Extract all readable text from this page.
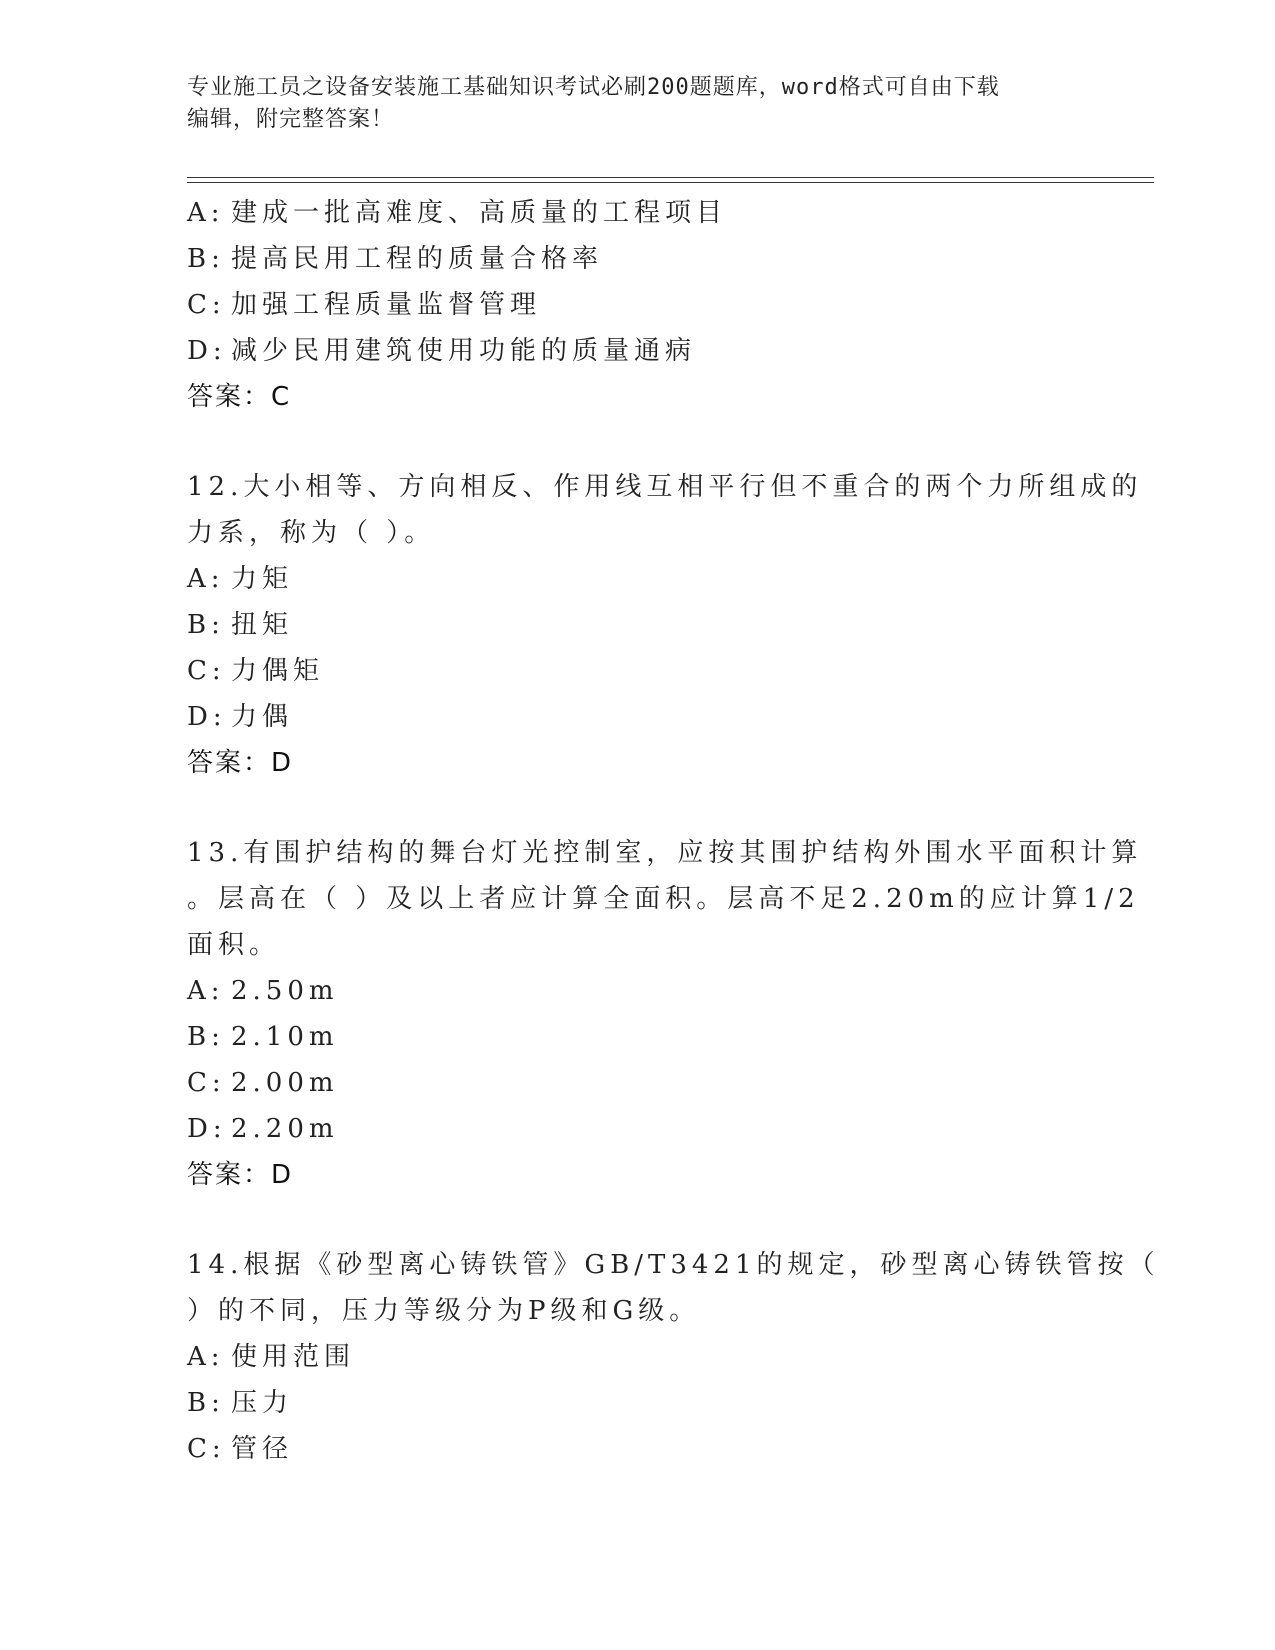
专业施工员之设备安装施工基础知识考试必刷200题题库，word格式可自由下载
编辑，附完整答案！
A: 建成一批高难度、高质量的工程项目
B: 提高民用工程的质量合格率
C: 加强工程质量监督管理
D: 减少民用建筑使用功能的质量通病
答案：C
12.大小相等、方向相反、作用线互相平行但不重合的两个力所组成的
力系，称为（ ）。
A: 力矩
B: 扭矩
C: 力偶矩
D: 力偶
答案：D
13.有围护结构的舞台灯光控制室，应按其围护结构外围水平面积计算
。层高在（ ）及以上者应计算全面积。层高不足2.20m的应计算1/2
面积。
A: 2.50m
B: 2.10m
C: 2.00m
D: 2.20m
答案：D
14.根据《砂型离心铸铁管》GB/T3421的规定，砂型离心铸铁管按（
）的不同，压力等级分为P级和G级。
A: 使用范围
B: 压力
C: 管径
